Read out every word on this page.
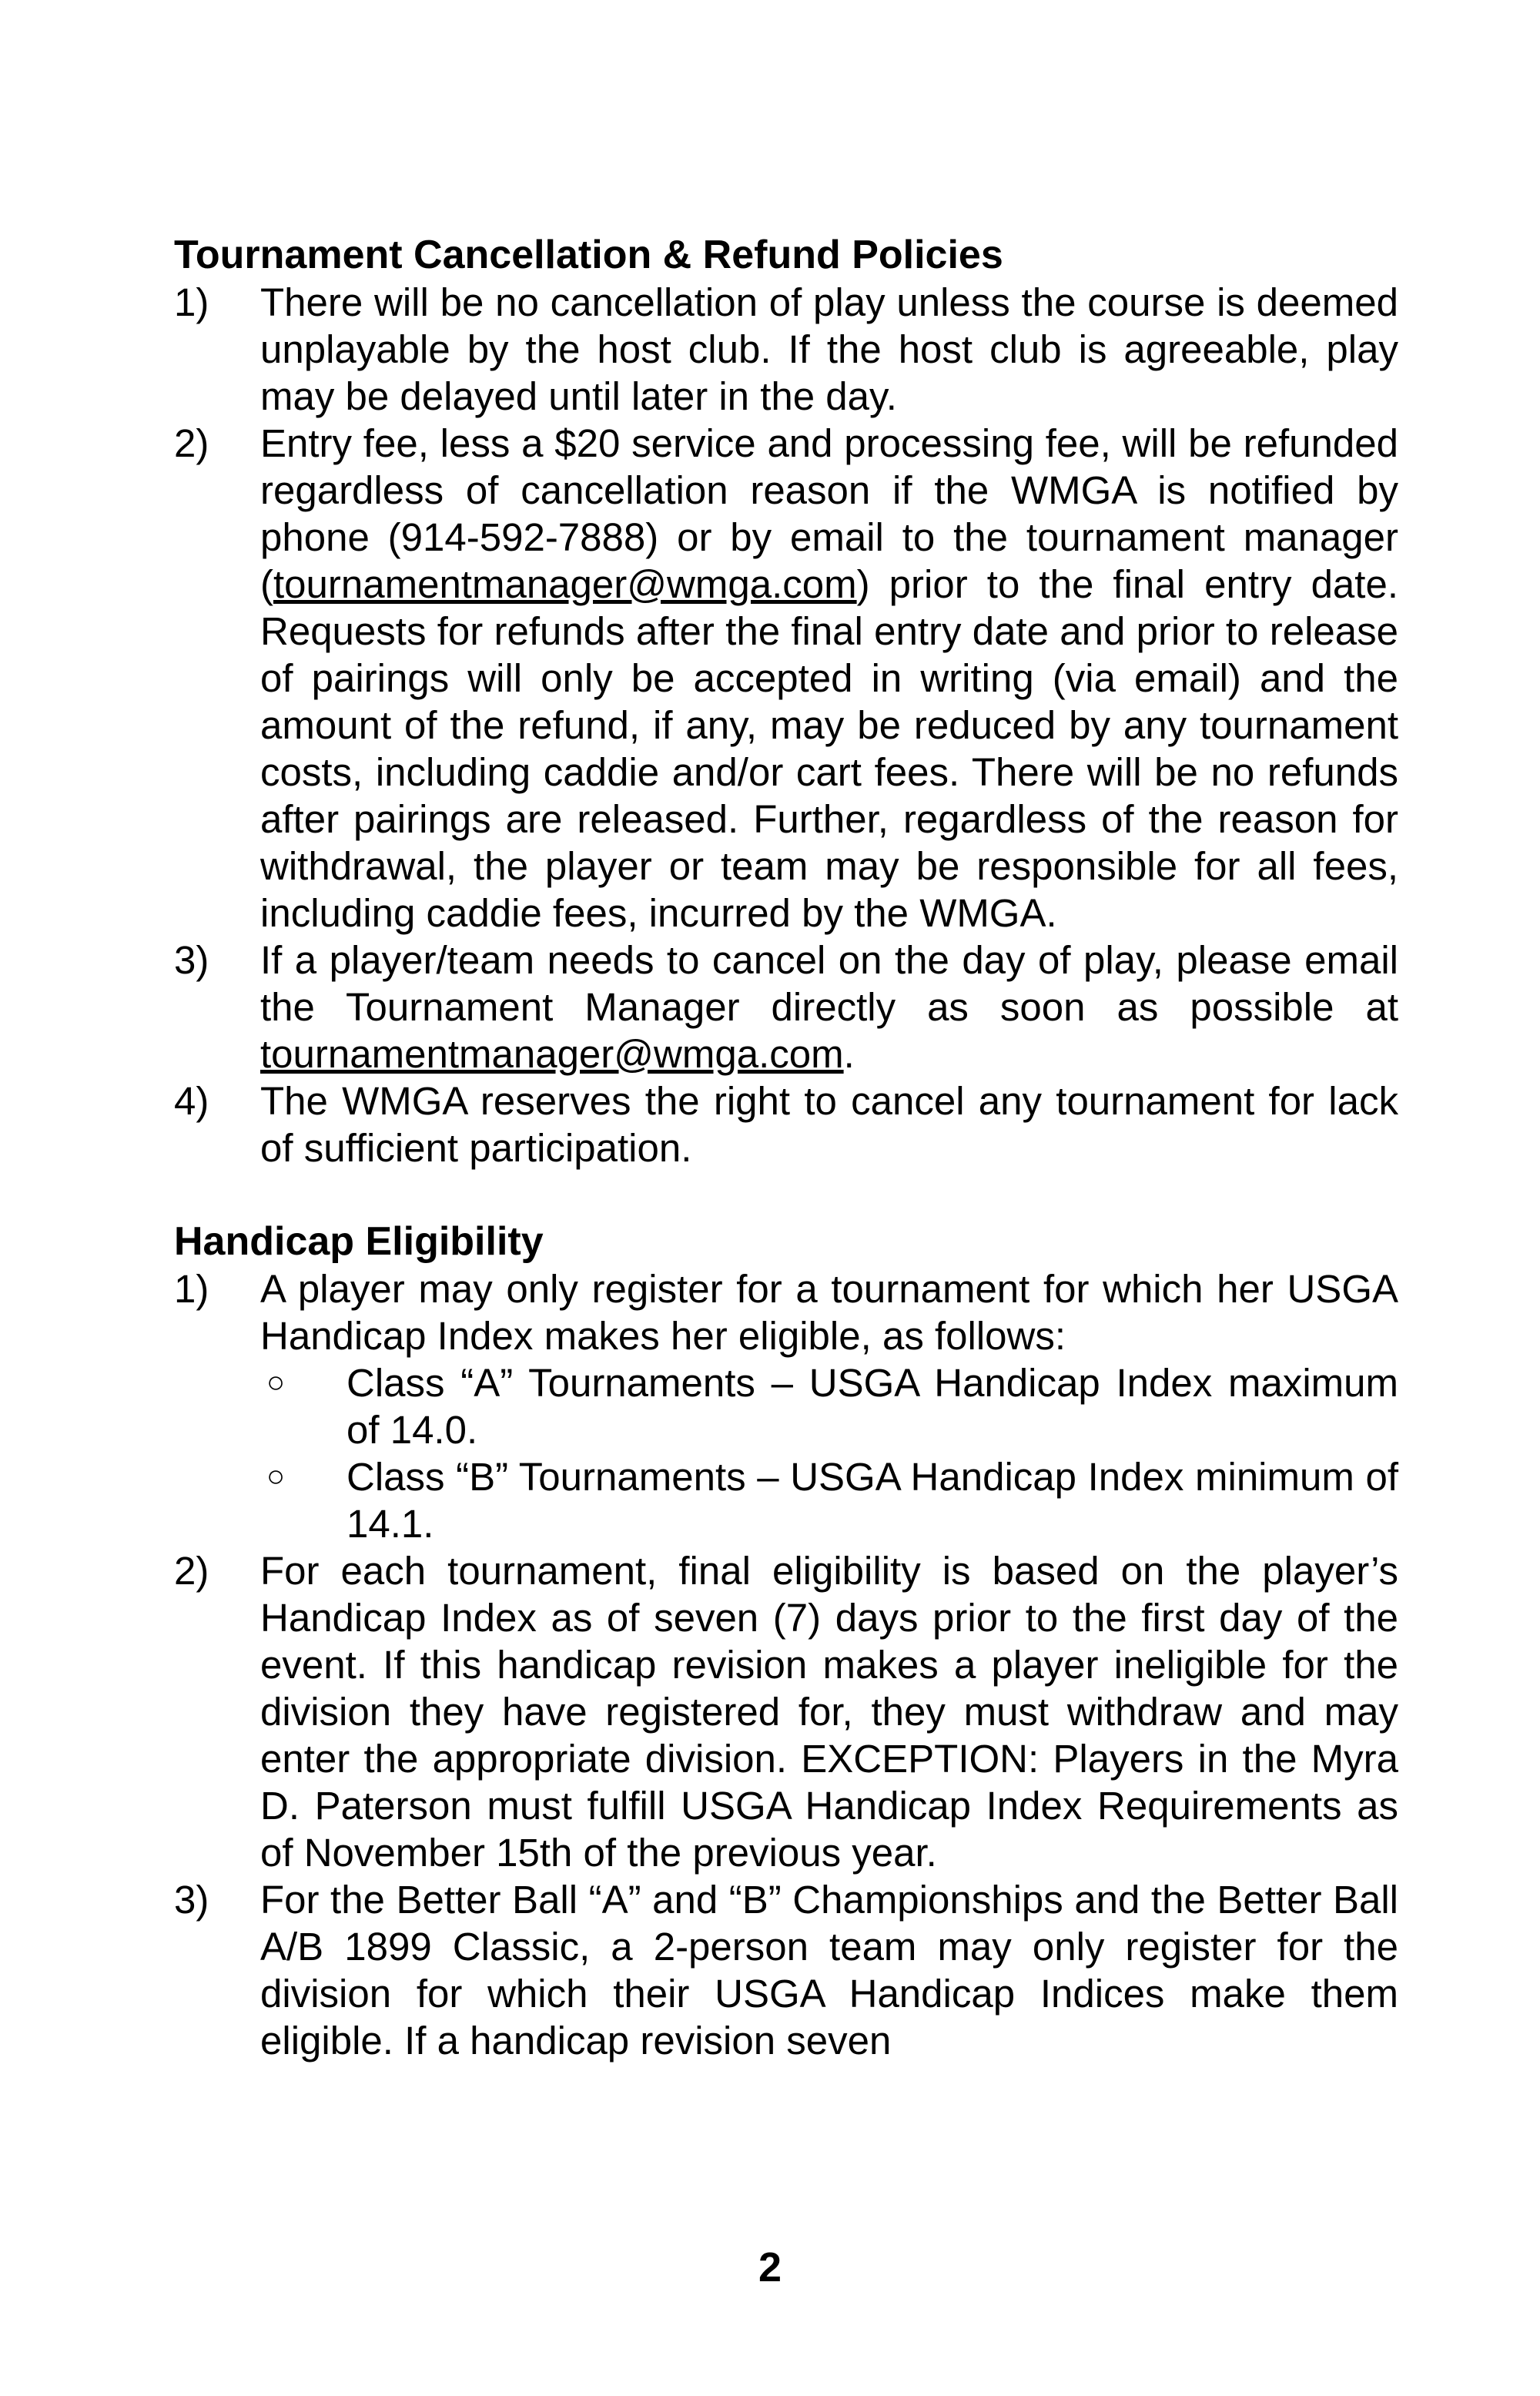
Tournament Cancellation & Refund Policies
1) There will be no cancellation of play unless the course is deemed unplayable by the host club. If the host club is agreeable, play may be delayed until later in the day.
2) Entry fee, less a $20 service and processing fee, will be refunded regardless of cancellation reason if the WMGA is notified by phone (914-592-7888) or by email to the tournament manager (tournamentmanager@wmga.com) prior to the final entry date. Requests for refunds after the final entry date and prior to release of pairings will only be accepted in writing (via email) and the amount of the refund, if any, may be reduced by any tournament costs, including caddie and/or cart fees. There will be no refunds after pairings are released. Further, regardless of the reason for withdrawal, the player or team may be responsible for all fees, including caddie fees, incurred by the WMGA.
3) If a player/team needs to cancel on the day of play, please email the Tournament Manager directly as soon as possible at tournamentmanager@wmga.com.
4) The WMGA reserves the right to cancel any tournament for lack of sufficient participation.
Handicap Eligibility
1) A player may only register for a tournament for which her USGA Handicap Index makes her eligible, as follows:
○ Class “A” Tournaments – USGA Handicap Index maximum of 14.0.
○ Class “B” Tournaments – USGA Handicap Index minimum of 14.1.
2) For each tournament, final eligibility is based on the player’s Handicap Index as of seven (7) days prior to the first day of the event. If this handicap revision makes a player ineligible for the division they have registered for, they must withdraw and may enter the appropriate division. EXCEPTION: Players in the Myra D. Paterson must fulfill USGA Handicap Index Requirements as of November 15th of the previous year.
3) For the Better Ball “A” and “B” Championships and the Better Ball A/B 1899 Classic, a 2-person team may only register for the division for which their USGA Handicap Indices make them eligible. If a handicap revision seven
2
